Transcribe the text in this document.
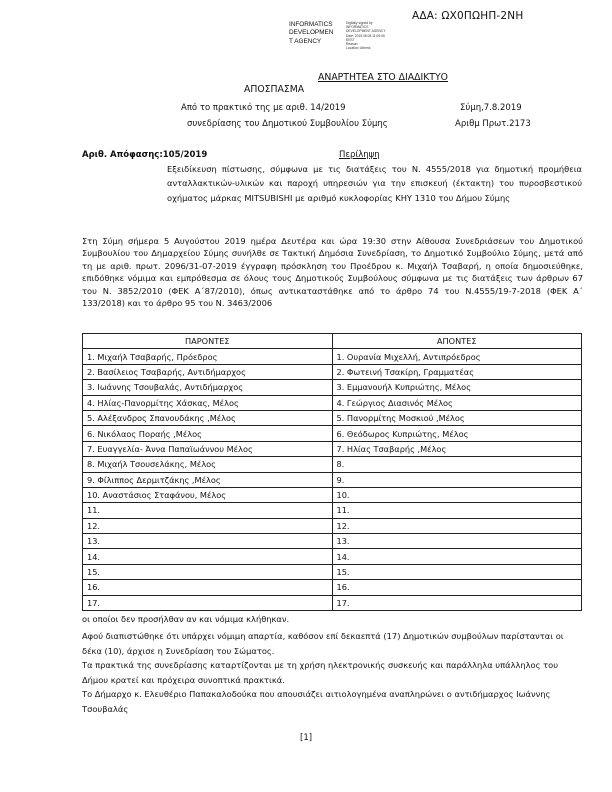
ΑΔΑ: ΩΧ0ΠΩΗΠ-2ΝΗ
INFORMATICS
DEVELOPMEN
T AGENCY
Digitally signed by
INFORMATICS
DEVELOPMENT AGENCY
Date: 2019.08.08 11:09:06
EEST
Reason:
Location: Athens
ΑΝΑΡΤΗΤΕΑ ΣΤΟ ΔΙΑΔΙΚΤΥΟ
ΑΠΟΣΠΑΣΜΑ
Από το πρακτικό της με αριθ. 14/2019	Σύμη,7.8.2019
συνεδρίασης του Δημοτικού Συμβουλίου Σύμης	Αριθμ Πρωτ.2173
Αριθ. Απόφασης:105/2019	Περίληψη
Εξειδίκευση πίστωσης, σύμφωνα με τις διατάξεις του Ν. 4555/2018 για δημοτική προμήθεια ανταλλακτικών-υλικών και παροχή υπηρεσιών για την επισκευή (έκτακτη) του πυροσβεστικού οχήματος μάρκας MITSUBISHI με αριθμό κυκλοφορίας ΚΗΥ 1310 του Δήμου Σύμης
Στη Σύμη σήμερα 5 Αυγούστου 2019 ημέρα Δευτέρα και ώρα 19:30 στην Αίθουσα Συνεδριάσεων του Δημοτικού Συμβουλίου του Δημαρχείου Σύμης συνήλθε σε Τακτική Δημόσια Συνεδρίαση, το Δημοτικό Συμβούλιο Σύμης, μετά από τη με αριθ. πρωτ. 2096/31-07-2019 έγγραφη πρόσκληση του Προέδρου κ. Μιχαήλ Τσαβαρή, η οποία δημοσιεύθηκε, επιδόθηκε νόμιμα και εμπρόθεσμα σε όλους τους Δημοτικούς Συμβούλους σύμφωνα με τις διατάξεις των άρθρων 67 του Ν. 3852/2010 (ΦΕΚ Α΄87/2010), όπως αντικαταστάθηκε από το άρθρο 74 του Ν.4555/19-7-2018 (ΦΕΚ Α΄ 133/2018) και το άρθρο 95 του Ν. 3463/2006
ΠΑΡΟΝΤΕΣ	ΑΠΟΝΤΕΣ
1. Μιχαήλ Τσαβαρής, Πρόεδρος	1. Ουρανία Μιχελλή, Αντιπρόεδρος
2. Βασίλειος Τσαβαρής, Αντιδήμαρχος	2. Φωτεινή Τσακίρη, Γραμματέας
3. Ιωάννης Τσουβαλάς, Αντιδήμαρχος	3. Εμμανουήλ Κυπριώτης, Μέλος
4. Ηλίας-Πανορμίτης Χάσκας, Μέλος	4. Γεώργιος Διασινός Μέλος
5. Αλέξανδρος Σπανουδάκης ,Μέλος	5. Πανορμίτης Μοσκιού ,Μέλος
6. Νικόλαος Ποραής ,Μέλος	6. Θεόδωρος Κυπριώτης, Μέλος
7. Ευαγγελία- Άννα Παπαϊωάννου Μέλος	7. Ηλίας Τσαβαρής ,Μέλος
8. Μιχαήλ Τσουσελάκης, Μέλος	8.
9. Φίλιππος Δερμιτζάκης ,Μέλος	9.
10. Αναστάσιος Σταφάνου, Μέλος	10.
11.	11.
12.	12.
13.	13.
14.	14.
15.	15.
16.	16.
17.	17.
οι οποίοι δεν προσήλθαν αν και νόμιμα κλήθηκαν.
Αφού διαπιστώθηκε ότι υπάρχει νόμιμη απαρτία, καθόσον επί δεκαεπτά (17) Δημοτικών συμβούλων παρίστανται οι δέκα (10), άρχισε η Συνεδρίαση του Σώματος.
Τα πρακτικά της συνεδρίασης καταρτίζονται με τη χρήση ηλεκτρονικής συσκευής και παράλληλα υπάλληλος του Δήμου κρατεί και πρόχειρα συνοπτικά πρακτικά.
Το Δήμαρχο κ. Ελευθέριο Παπακαλοδούκα που απουσιάζει αιτιολογημένα αναπληρώνει ο αντιδήμαρχος Ιωάννης Τσουβαλάς
[1]
